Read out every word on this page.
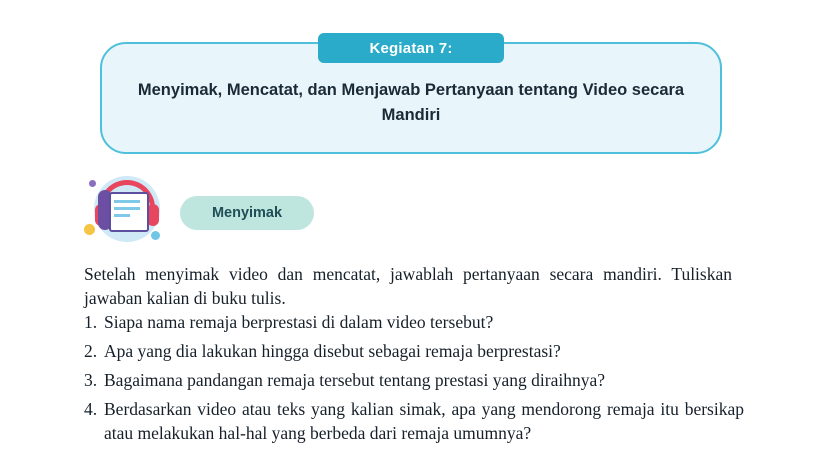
Kegiatan 7:
Menyimak, Mencatat, dan Menjawab Pertanyaan tentang Video secara Mandiri
Menyimak
Setelah menyimak video dan mencatat, jawablah pertanyaan secara mandiri. Tuliskan jawaban kalian di buku tulis.
1. Siapa nama remaja berprestasi di dalam video tersebut?
2. Apa yang dia lakukan hingga disebut sebagai remaja berprestasi?
3. Bagaimana pandangan remaja tersebut tentang prestasi yang diraihnya?
4. Berdasarkan video atau teks yang kalian simak, apa yang mendorong remaja itu bersikap atau melakukan hal-hal yang berbeda dari remaja umumnya?
